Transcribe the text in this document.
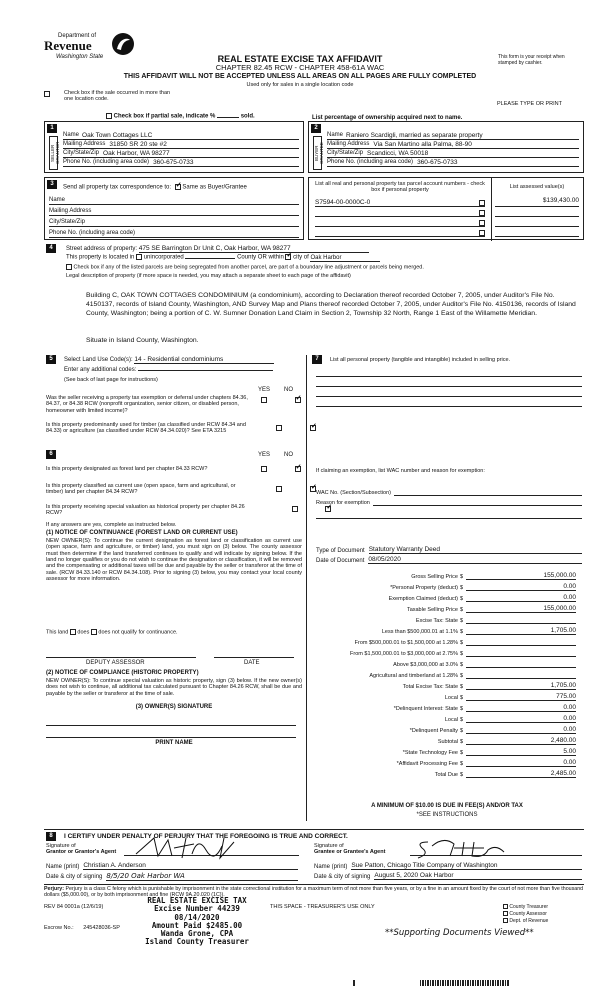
Department of
Revenue
Washington State	REAL ESTATE EXCISE TAX AFFIDAVIT
CHAPTER 82.45 RCW - CHAPTER 458-61A WAC
THIS AFFIDAVIT WILL NOT BE ACCEPTED UNLESS ALL AREAS ON ALL PAGES ARE FULLY COMPLETED
Used only for sales in a single location code
This form is your receipt when stamped by cashier.
Check box if the sale occurred in more than one location code.
PLEASE TYPE OR PRINT
Check box if partial sale, indicate %	sold.	List percentage of ownership acquired next to name.
1
SELLER GRANTOR
Name Oak Town Cottages LLC
Mailing Address 31850 SR 20 ste #2
City/State/Zip Oak Harbor, WA 98277
Phone No. (including area code) 360-675-0733
2
BUYER GRANTEE
Name Raniero Scardigli, married as separate property
Mailing Address Via San Martino alla Palma, 88-90
City/State/Zip Scandicci, WA 50018
Phone No. (including area code) 360-675-0733
3
Send all property tax correspondence to: ✓ Same as Buyer/Grantee
Name
Mailing Address
City/State/Zip
Phone No. (including area code)
List all real and personal property tax parcel account numbers - check box if personal property
List assessed value(s)
S7594-00-0000C-0	$139,430.00
4	Street address of property: 475 SE Barrington Dr Unit C, Oak Harbor, WA 98277
This property is located in unincorporated	County OR within ✓ city of Oak Harbor
Check box if any of the listed parcels are being segregated from another parcel, are part of a boundary line adjustment or parcels being merged.
Legal description of property (if more space is needed, you may attach a separate sheet to each page of the affidavit)
Building C, OAK TOWN COTTAGES CONDOMINIUM (a condominium), according to Declaration thereof recorded October 7, 2005, under Auditor's File No. 4150137, records of Island County, Washington, AND Survey Map and Plans thereof recorded October 7, 2005, under Auditor's File No. 4150136, records of Island County, Washington; being a portion of C. W. Sumner Donation Land Claim in Section 2, Township 32 North, Range 1 East of the Willamette Meridian.
Situate in Island County, Washington.
5	Select Land Use Code(s): 14 - Residential condominiums
Enter any additional codes:
(See back of last page for instructions)
YES NO
Was the seller receiving a property tax exemption or deferral under chapters 84.36, 84.37, or 84.38 RCW (nonprofit organization, senior citizen, or disabled person, homeowner with limited income)?
✓
Is this property predominantly used for timber (as classified under RCW 84.34 and 84.33) or agriculture (as classified under RCW 84.34.020)? See ETA 3215
✓
6	YES NO
Is this property designated as forest land per chapter 84.33 RCW?
✓
Is this property classified as current use (open space, farm and agricultural, or timber) land per chapter 84.34 RCW?
✓
Is this property receiving special valuation as historical property per chapter 84.26 RCW?
✓
If any answers are yes, complete as instructed below.
(1) NOTICE OF CONTINUANCE (FOREST LAND OR CURRENT USE)
NEW OWNER(S): To continue the current designation as forest land or classification as current use (open space, farm and agriculture, or timber) land, you must sign on (3) below. The county assessor must then determine if the land transferred continues to qualify and will indicate by signing below. If the land no longer qualifies or you do not wish to continue the designation or classification, it will be removed and the compensating or additional taxes will be due and payable by the seller or transferor at the time of sale. (RCW 84.33.140 or RCW 84.34.108). Prior to signing (3) below, you may contact your local county assessor for more information.
This land does does not qualify for continuance.
DEPUTY ASSESSOR	DATE
(2) NOTICE OF COMPLIANCE (HISTORIC PROPERTY)
NEW OWNER(S): To continue special valuation as historic property, sign (3) below. If the new owner(s) does not wish to continue, all additional tax calculated pursuant to Chapter 84.26 RCW, shall be due and payable by the seller or transferor at the time of sale.
(3) OWNER(S) SIGNATURE
PRINT NAME
7	List all personal property (tangible and intangible) included in selling price.
If claiming an exemption, list WAC number and reason for exemption:
WAC No. (Section/Subsection)
Reason for exemption
Type of Document Statutory Warranty Deed
Date of Document 08/05/2020
Gross Selling Price $	155,000.00
*Personal Property (deduct) $	0.00
Exemption Claimed (deduct) $	0.00
Taxable Selling Price $	155,000.00
Excise Tax: State $
Less than $500,000.01 at 1.1% $	1,705.00
From $500,000.01 to $1,500,000 at 1.28% $
From $1,500,000.01 to $3,000,000 at 2.75% $
Above $3,000,000 at 3.0% $
Agricultural and timberland at 1.28% $
Total Excise Tax: State $	1,705.00
Local $	775.00
*Delinquent Interest: State $	0.00
Local $	0.00
*Delinquent Penalty $	0.00
Subtotal $	2,480.00
*State Technology Fee $	5.00
*Affidavit Processing Fee $	0.00
Total Due $	2,485.00
A MINIMUM OF $10.00 IS DUE IN FEE(S) AND/OR TAX
*SEE INSTRUCTIONS
8	I CERTIFY UNDER PENALTY OF PERJURY THAT THE FOREGOING IS TRUE AND CORRECT.
Signature of
Grantor or Grantor's Agent
Name (print) Christian A. Anderson
Date & city of signing 8/5/20 Oak Harbor WA
Signature of
Grantee or Grantee's Agent
Name (print) Sue Patton, Chicago Title Company of Washington
Date & city of signing August 5, 2020 Oak Harbor
Perjury: Perjury is a class C felony which is punishable by imprisonment in the state correctional institution for a maximum term of not more than five years, or by a fine in an amount fixed by the court of not more than five thousand dollars ($5,000.00), or by both imprisonment and fine (RCW 9A.20.020 (1C)).
REV 84 0001a (12/6/19)
Escrow No.: 245428036-SP
THIS SPACE - TREASURER'S USE ONLY
REAL ESTATE EXCISE TAX
Excise Number 44239
08/14/2020
Amount Paid $2485.00
Wanda Grone, CPA
Island County Treasurer
County Treasurer
County Assessor
Dept. of Revenue
**Supporting Documents Viewed**
